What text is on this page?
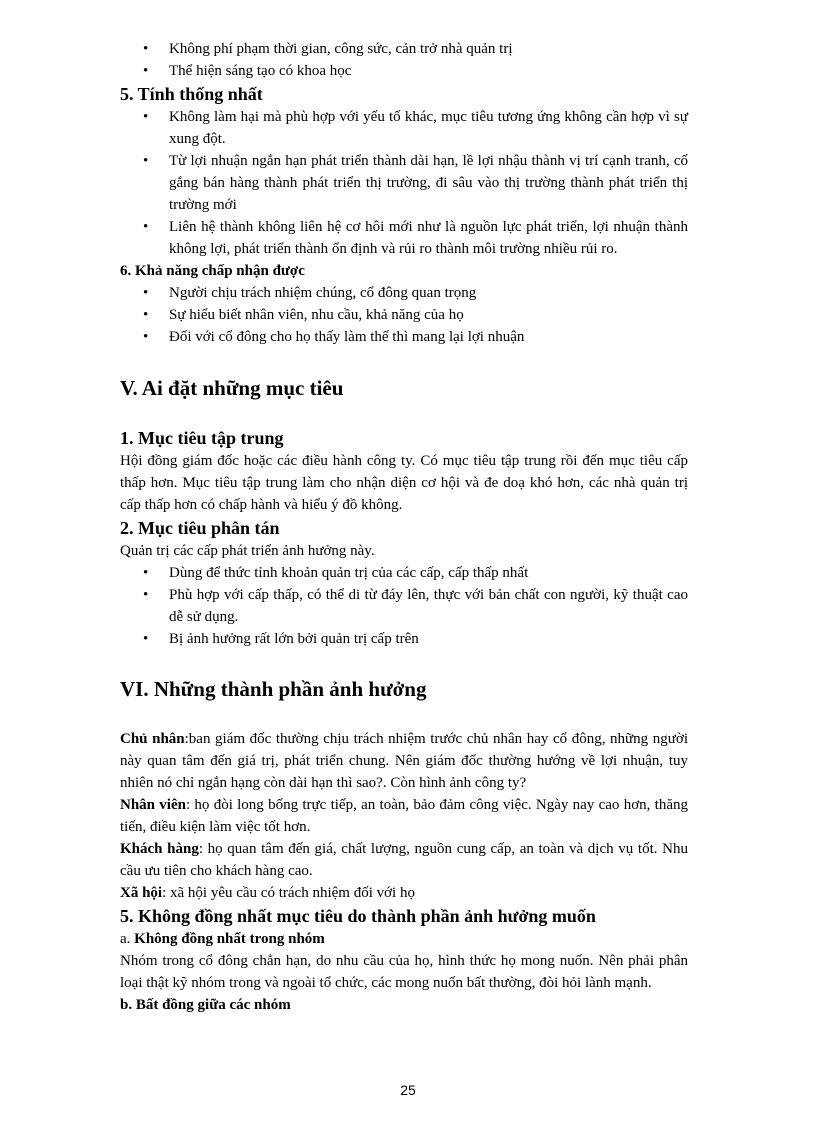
• Không phí phạm thời gian, công sức, cản trở nhà quản trị
• Thể hiện sáng tạo có khoa học
5. Tính thống nhất
• Không làm hại mà phù hợp với yếu tố khác, mục tiêu tương ứng không cần hợp vì sự xung đột.
• Từ lợi nhuận ngắn hạn phát triển thành dài hạn, lề lợi nhậu thành vị trí cạnh tranh, cố gắng bán hàng thành phát triển thị trường, đi sâu vào thị trường thành phát triển thị trường mới
• Liên hệ thành không liên hệ cơ hôi mới như là nguồn lực phát triển, lợi nhuận thành không lợi, phát triển thành ổn định và rủi ro thành môi trường nhiều rủi ro.
6. Khả năng chấp nhận được
• Người chịu trách nhiệm chúng, cổ đông quan trọng
• Sự hiểu biết nhân viên, nhu cầu, khả năng của họ
• Đối với cổ đông cho họ thấy làm thế thì mang lại lợi nhuận
V. Ai đặt những mục tiêu
1. Mục tiêu tập trung

Hội đồng giám đốc hoặc các điều hành công ty. Có mục tiêu tập trung rồi đến mục tiêu cấp thấp hơn. Mục tiêu tập trung làm cho nhận diện cơ hội và đe doạ khó hơn, các nhà quản trị cấp thấp hơn có chấp hành và hiểu ý đồ không.

2. Mục tiêu phân tán

Quản trị các cấp phát triển ảnh hưởng này.

• Dùng để thức tỉnh khoản quản trị của các cấp, cấp thấp nhất
• Phù hợp với cấp thấp, có thể di từ đáy lên, thực với bản chất con người, kỹ thuật cao dễ sử dụng.
• Bị ảnh hưởng rất lớn bởi quản trị cấp trên
VI. Những thành phần ảnh hưởng

Chủ nhân:ban giám đốc thường chịu trách nhiệm trước chủ nhân hay cổ đông, những người này quan tâm đến giá trị, phát triển chung. Nên giám đốc thường hướng về lợi nhuận, tuy nhiên nó chỉ ngắn hạng còn dài hạn thì sao?. Còn hình ảnh công ty?

Nhân viên: họ đòi long bổng trực tiếp, an toàn, bảo đảm công việc. Ngày nay cao hơn, thăng tiến, điều kiện làm việc tốt hơn.

Khách hàng: họ quan tâm đến giá, chất lượng, nguồn cung cấp, an toàn và dịch vụ tốt. Nhu cầu ưu tiên cho khách hàng cao.

Xã hội: xã hội yêu cầu có trách nhiệm đối với họ

5. Không đồng nhất mục tiêu do thành phần ảnh hưởng muốn
a. Không đồng nhất trong nhóm

Nhóm trong cổ đông chẳn hạn, do nhu cầu của họ, hình thức họ mong nuốn. Nên phải phân loại thật kỹ nhóm trong và ngoài tổ chức, các mong nuốn bất thường, đòi hỏi lành mạnh.

b. Bất đồng giữa các nhóm
25
